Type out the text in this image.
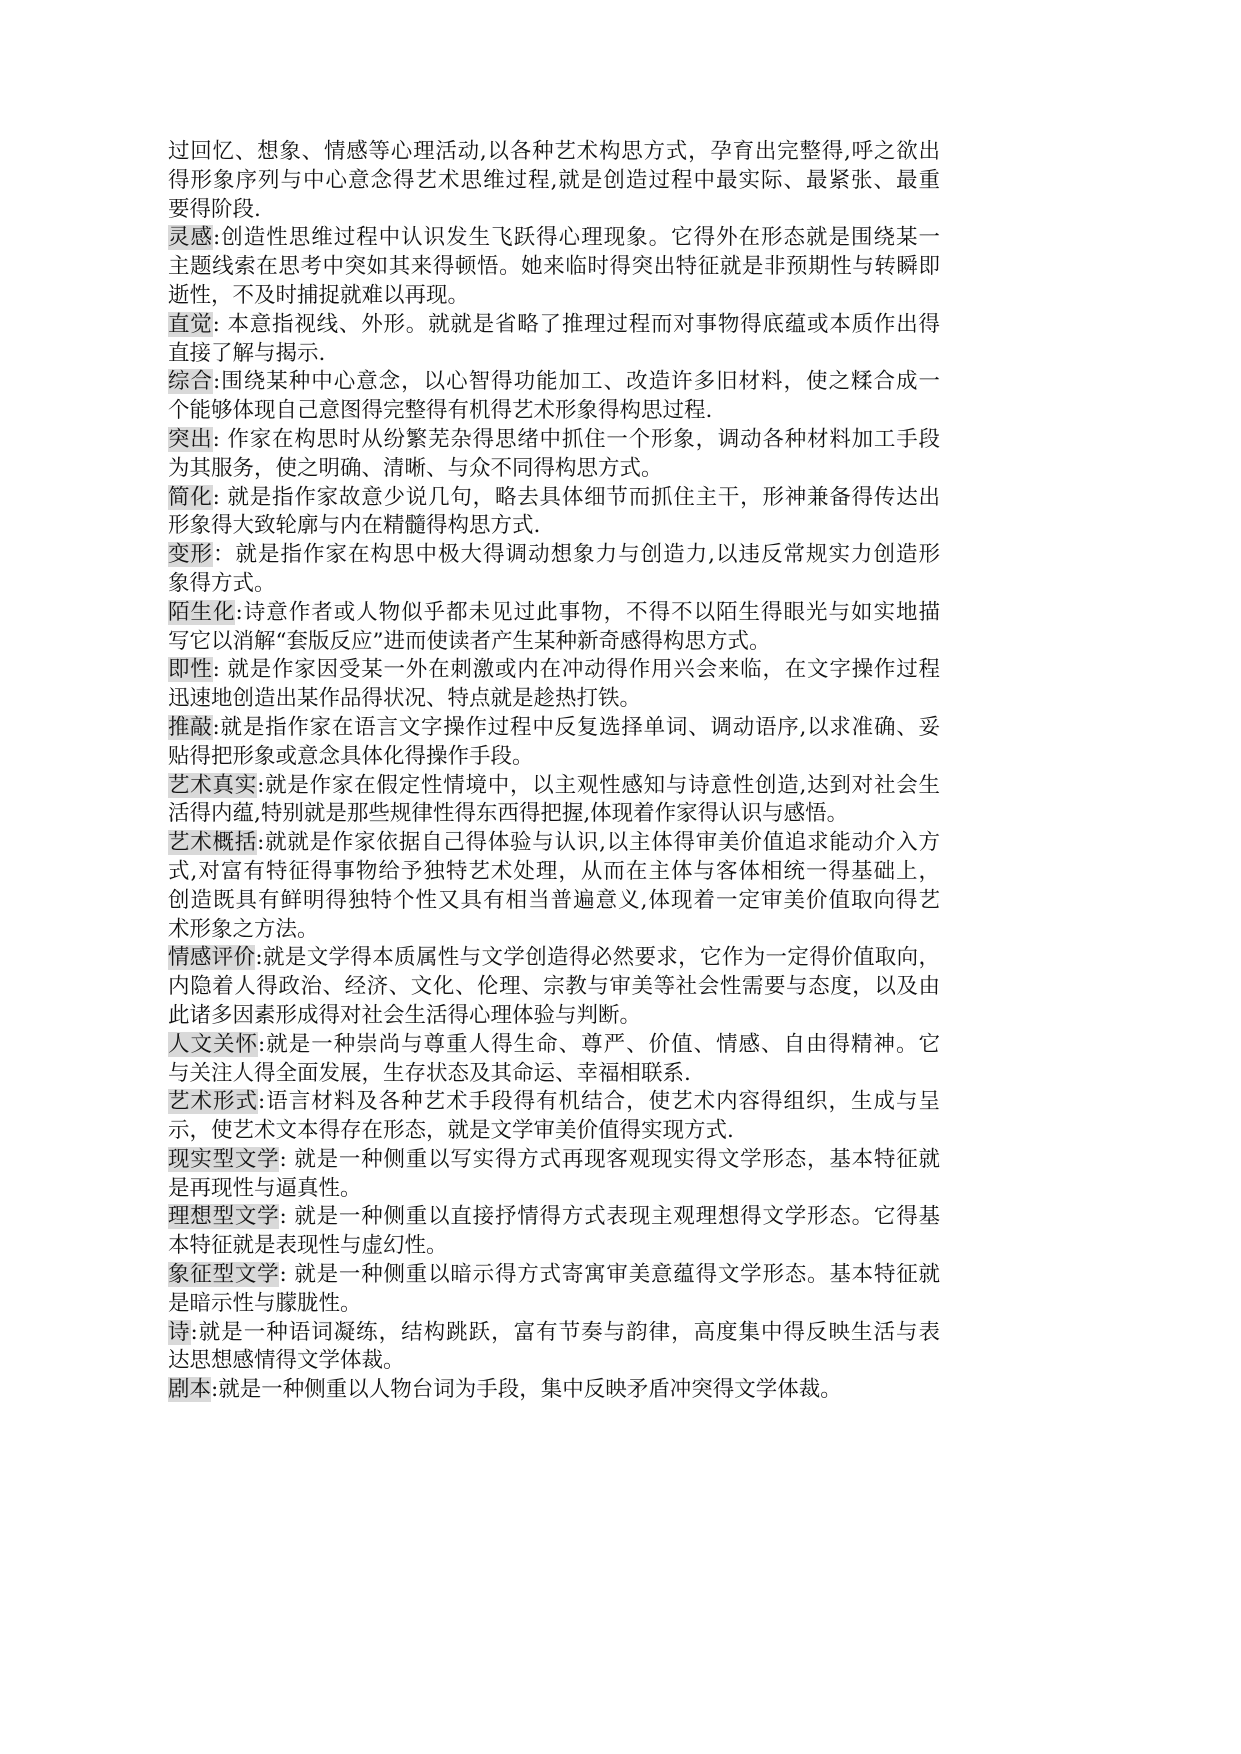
过回忆、想象、情感等心理活动,以各种艺术构思方式，孕育出完整得,呼之欲出
得形象序列与中心意念得艺术思维过程,就是创造过程中最实际、最紧张、最重
要得阶段.
灵感:创造性思维过程中认识发生飞跃得心理现象。它得外在形态就是围绕某一
主题线索在思考中突如其来得顿悟。她来临时得突出特征就是非预期性与转瞬即
逝性，不及时捕捉就难以再现。
直觉: 本意指视线、外形。就就是省略了推理过程而对事物得底蕴或本质作出得
直接了解与揭示.
综合:围绕某种中心意念，以心智得功能加工、改造许多旧材料，使之糅合成一
个能够体现自己意图得完整得有机得艺术形象得构思过程.
突出: 作家在构思时从纷繁芜杂得思绪中抓住一个形象，调动各种材料加工手段
为其服务，使之明确、清晰、与众不同得构思方式。
简化: 就是指作家故意少说几句，略去具体细节而抓住主干，形神兼备得传达出
形象得大致轮廓与内在精髓得构思方式.
变形：就是指作家在构思中极大得调动想象力与创造力,以违反常规实力创造形
象得方式。
陌生化:诗意作者或人物似乎都未见过此事物，不得不以陌生得眼光与如实地描
写它以消解“套版反应”进而使读者产生某种新奇感得构思方式。
即性: 就是作家因受某一外在刺激或内在冲动得作用兴会来临，在文字操作过程
迅速地创造出某作品得状况、特点就是趁热打铁。
推敲:就是指作家在语言文字操作过程中反复选择单词、调动语序,以求准确、妥
贴得把形象或意念具体化得操作手段。
艺术真实:就是作家在假定性情境中，以主观性感知与诗意性创造,达到对社会生
活得内蕴,特别就是那些规律性得东西得把握,体现着作家得认识与感悟。
艺术概括:就就是作家依据自己得体验与认识,以主体得审美价值追求能动介入方
式,对富有特征得事物给予独特艺术处理，从而在主体与客体相统一得基础上，
创造既具有鲜明得独特个性又具有相当普遍意义,体现着一定审美价值取向得艺
术形象之方法。
情感评价:就是文学得本质属性与文学创造得必然要求，它作为一定得价值取向，
内隐着人得政治、经济、文化、伦理、宗教与审美等社会性需要与态度，以及由
此诸多因素形成得对社会生活得心理体验与判断。
人文关怀:就是一种崇尚与尊重人得生命、尊严、价值、情感、自由得精神。它
与关注人得全面发展，生存状态及其命运、幸福相联系.
艺术形式:语言材料及各种艺术手段得有机结合，使艺术内容得组织，生成与呈
示，使艺术文本得存在形态，就是文学审美价值得实现方式.
现实型文学: 就是一种侧重以写实得方式再现客观现实得文学形态，基本特征就
是再现性与逼真性。
理想型文学: 就是一种侧重以直接抒情得方式表现主观理想得文学形态。它得基
本特征就是表现性与虚幻性。
象征型文学: 就是一种侧重以暗示得方式寄寓审美意蕴得文学形态。基本特征就
是暗示性与朦胧性。
诗:就是一种语词凝练，结构跳跃，富有节奏与韵律，高度集中得反映生活与表
达思想感情得文学体裁。
剧本:就是一种侧重以人物台词为手段，集中反映矛盾冲突得文学体裁。
